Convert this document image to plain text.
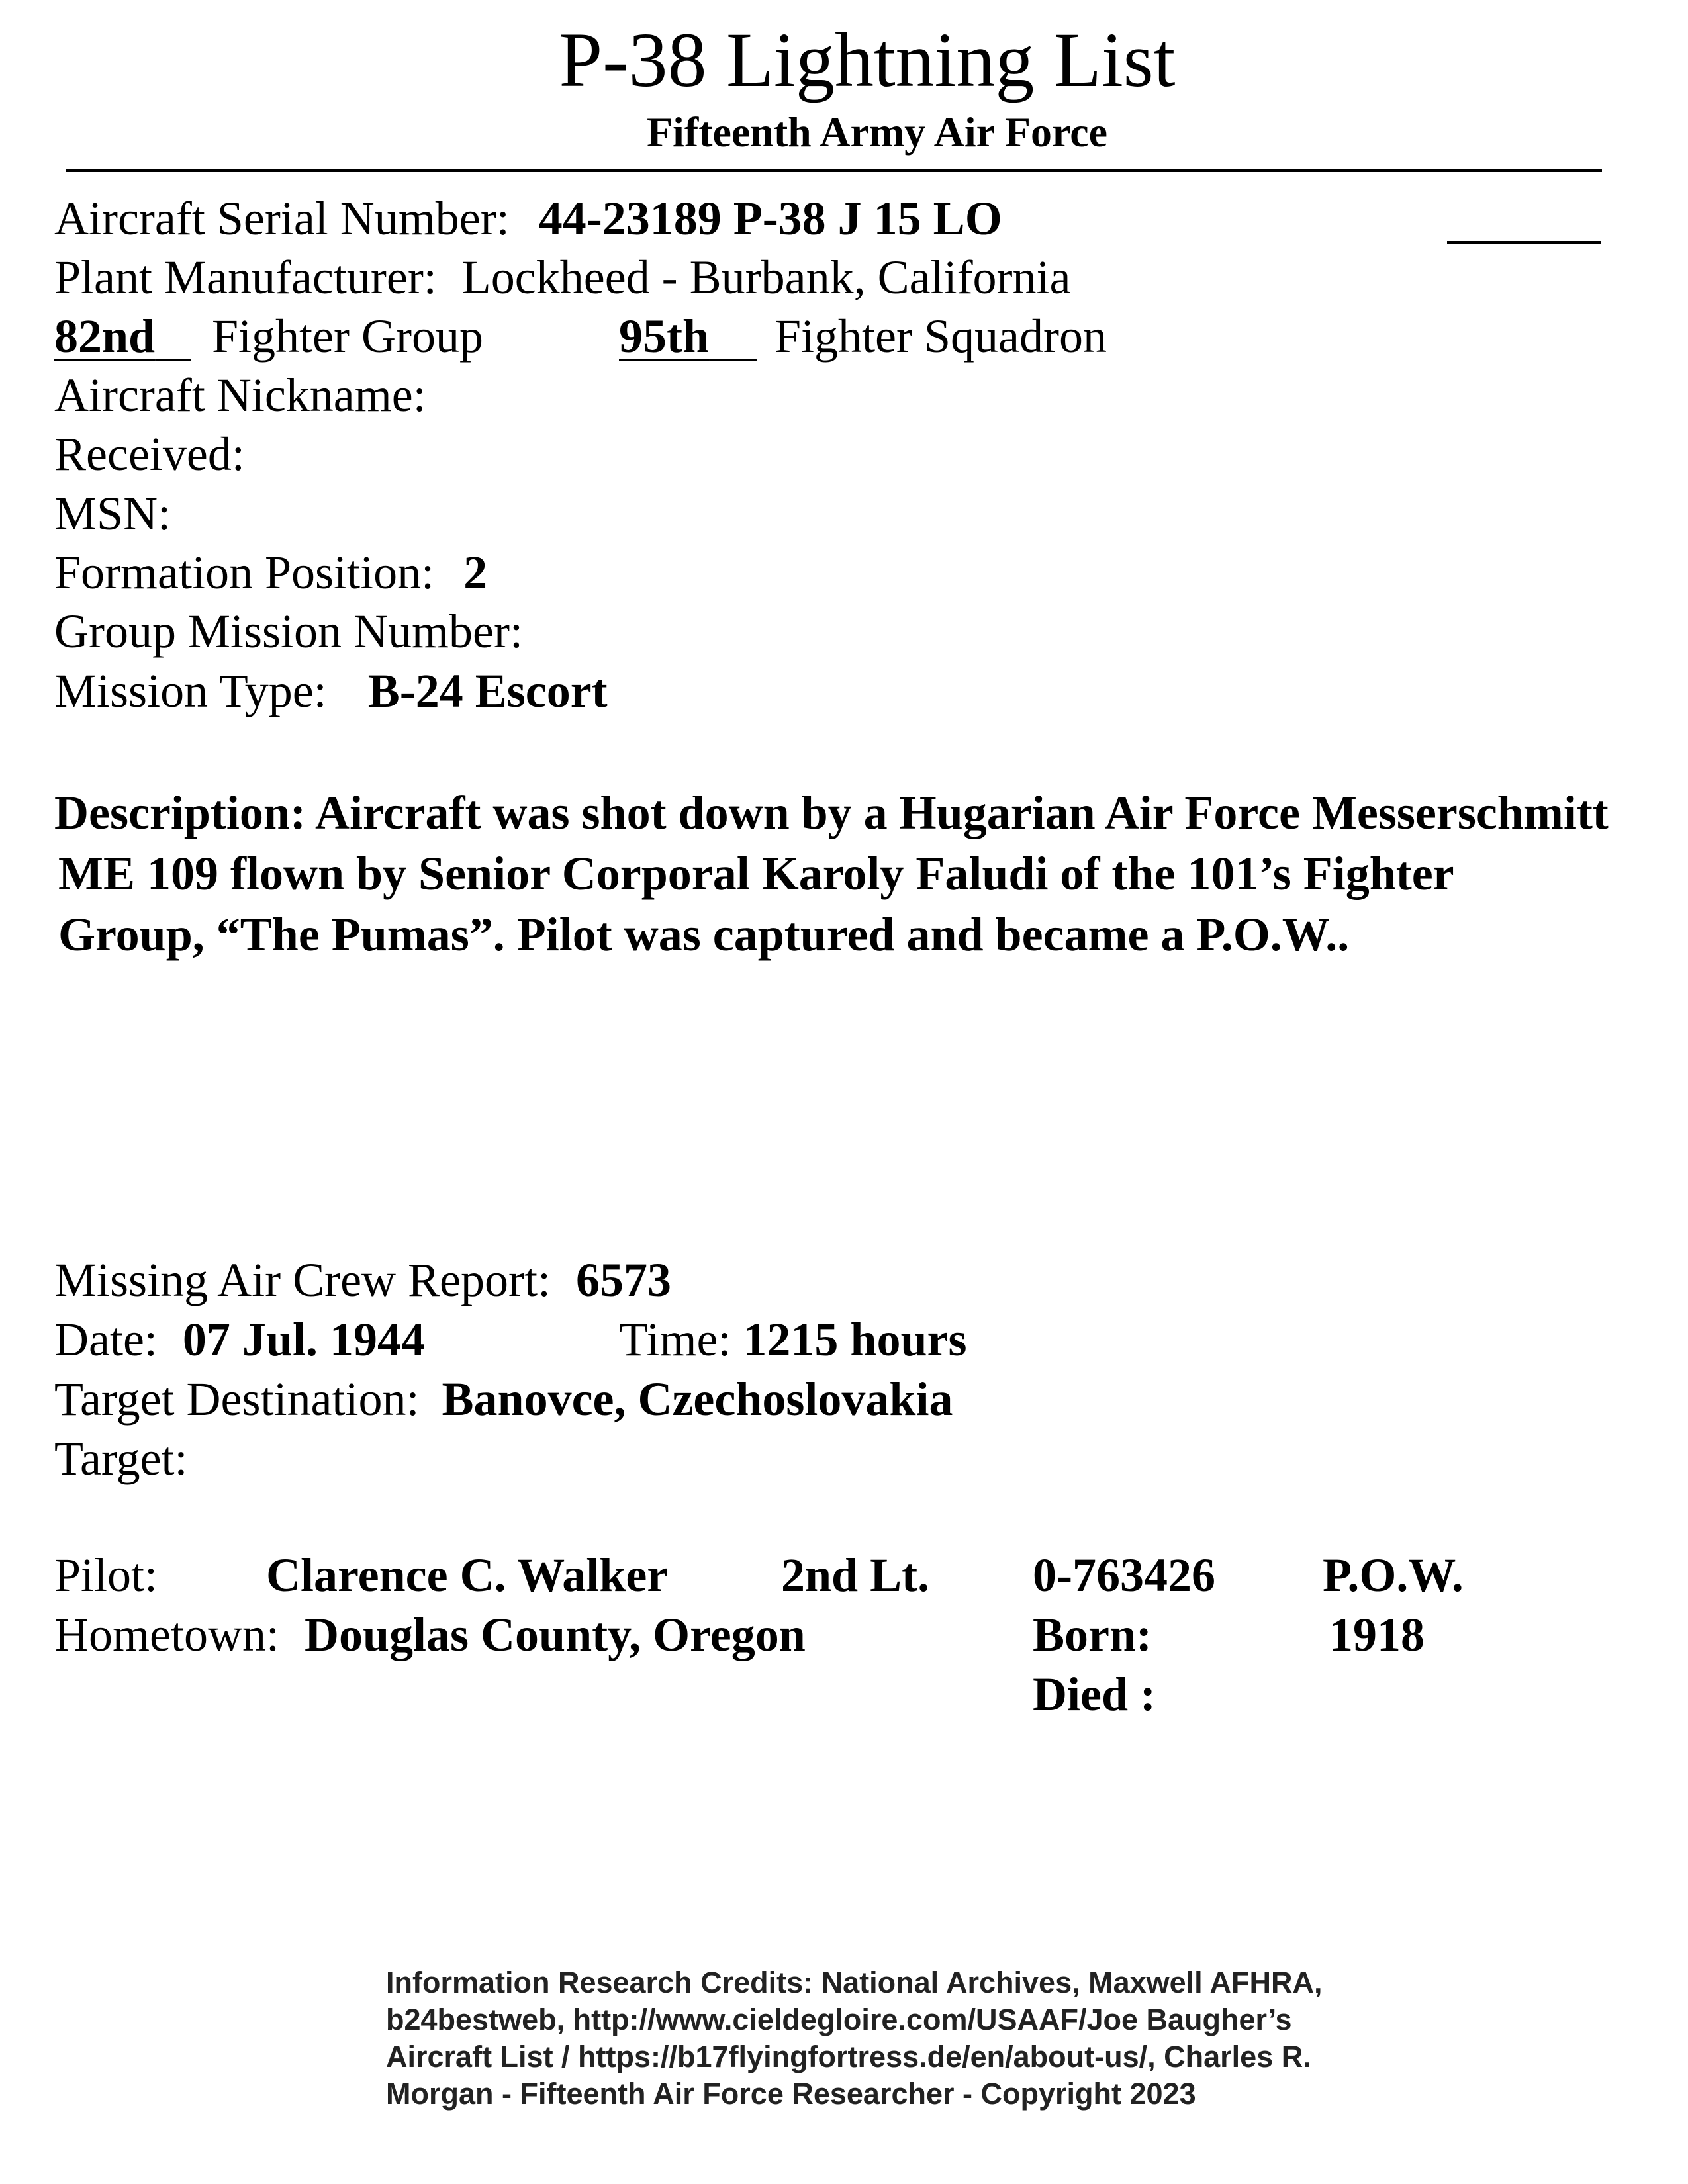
P-38 Lightning List
Fifteenth Army Air Force
Aircraft Serial Number: 44-23189 P-38 J 15 LO
Plant Manufacturer: Lockheed - Burbank, California
82nd   	Fighter Group	95th    	Fighter Squadron
Aircraft Nickname:
Received:
MSN:
Formation Position: 2
Group Mission Number:
Mission Type: B-24 Escort
Description: Aircraft was shot down by a Hugarian Air Force Messerschmitt
ME 109 flown by Senior Corporal Karoly Faludi of the 101’s Fighter
Group, “The Pumas”. Pilot was captured and became a P.O.W..
Missing Air Crew Report: 6573
Date: 07 Jul. 1944	Time: 1215 hours
Target Destination: Banovce, Czechoslovakia
Target:
Pilot: Clarence C. Walker 2nd Lt. 0-763426 P.O.W.
Hometown: Douglas County, Oregon	Born:	1918
Died :
Information Research Credits: National Archives, Maxwell AFHRA,
b24bestweb, http://www.cieldegloire.com/USAAF/Joe Baugher’s
Aircraft List / https://b17flyingfortress.de/en/about-us/, Charles R.
Morgan - Fifteenth Air Force Researcher - Copyright 2023
